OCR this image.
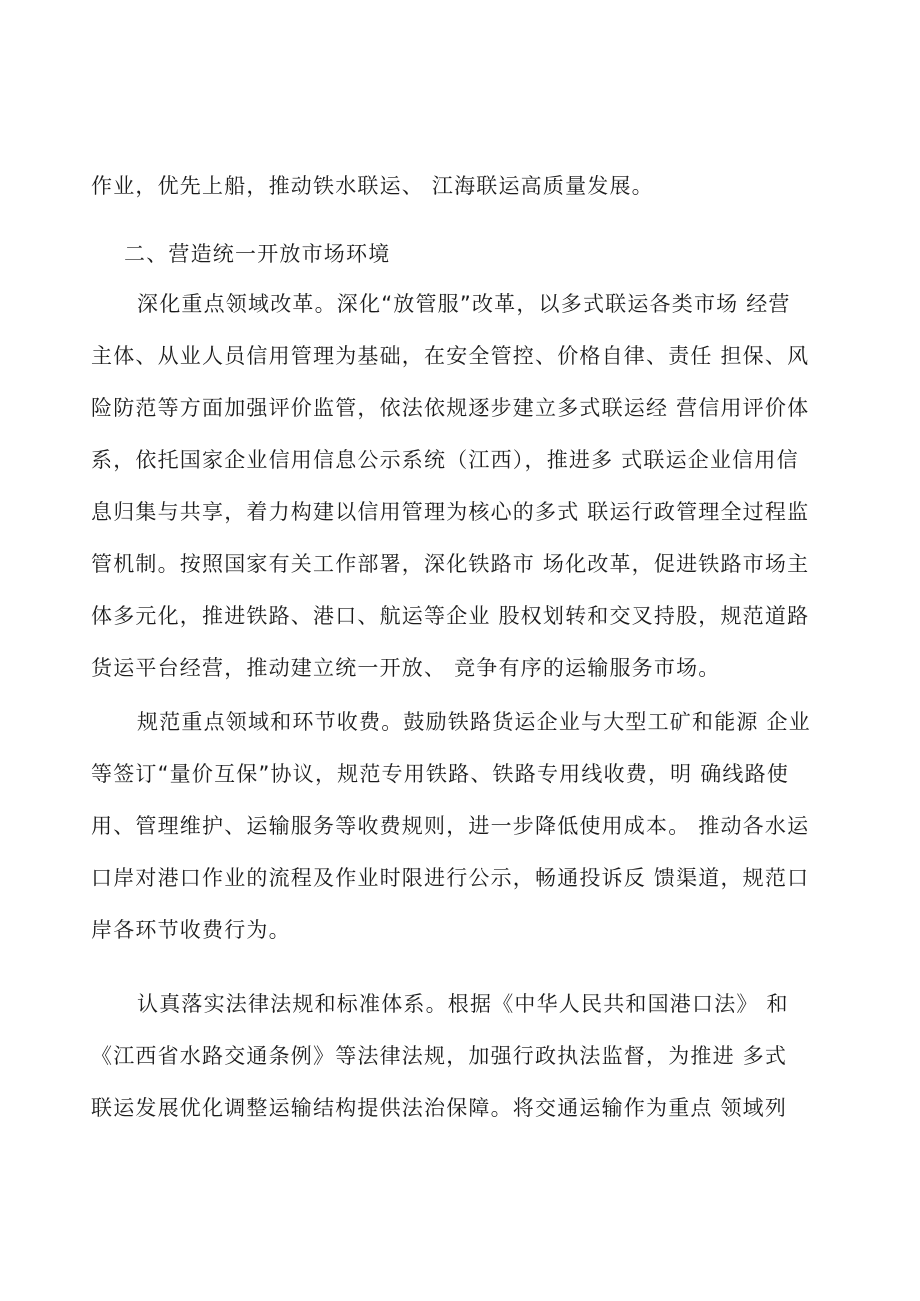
作业，优先上船，推动铁水联运、 江海联运高质量发展。
二、营造统一开放市场环境
深化重点领域改革。深化“放管服”改革，以多式联运各类市场 经营
主体、从业人员信用管理为基础，在安全管控、价格自律、责任 担保、风
险防范等方面加强评价监管，依法依规逐步建立多式联运经 营信用评价体
系，依托国家企业信用信息公示系统（江西），推进多 式联运企业信用信
息归集与共享，着力构建以信用管理为核心的多式 联运行政管理全过程监
管机制。按照国家有关工作部署，深化铁路市 场化改革，促进铁路市场主
体多元化，推进铁路、港口、航运等企业 股权划转和交叉持股，规范道路
货运平台经营，推动建立统一开放、 竞争有序的运输服务市场。
规范重点领域和环节收费。鼓励铁路货运企业与大型工矿和能源 企业
等签订“量价互保”协议，规范专用铁路、铁路专用线收费，明 确线路使
用、管理维护、运输服务等收费规则，进一步降低使用成本。 推动各水运
口岸对港口作业的流程及作业时限进行公示，畅通投诉反 馈渠道，规范口
岸各环节收费行为。
认真落实法律法规和标准体系。根据《中华人民共和国港口法》 和
《江西省水路交通条例》等法律法规，加强行政执法监督，为推进 多式
联运发展优化调整运输结构提供法治保障。将交通运输作为重点 领域列
